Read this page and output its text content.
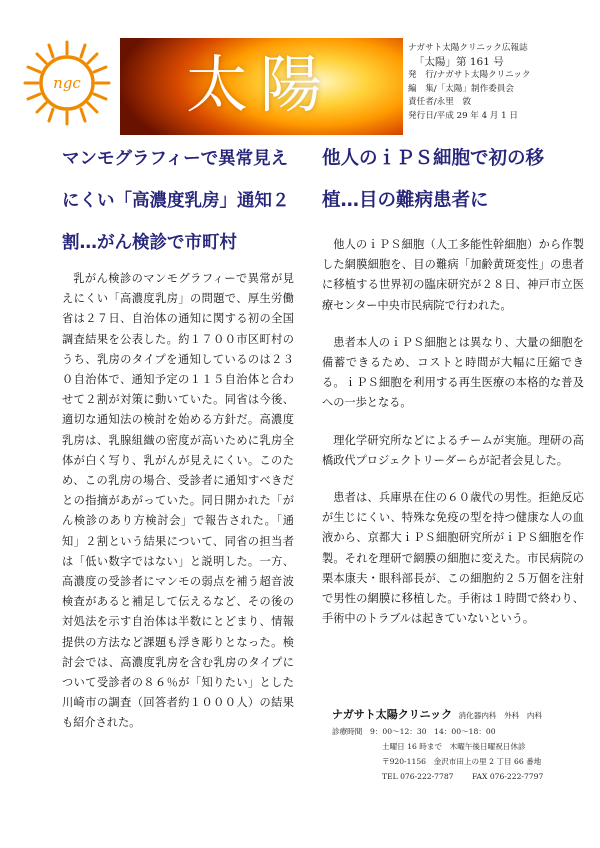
ngc 太陽	ナガサト太陽クリニック広報誌
「太陽」第 161 号
発　行/ナガサト太陽クリニック
編　集/「太陽」制作委員会
責任者/永里　敦
発行日/平成 29 年 4 月 1 日
マンモグラフィーで異常見え
にくい「高濃度乳房」通知２
割…がん検診で市町村

乳がん検診のマンモグラフィーで異常が見えにくい「高濃度乳房」の問題で、厚生労働省は２７日、自治体の通知に関する初の全国調査結果を公表した。約１７００市区町村のうち、乳房のタイプを通知しているのは２３０自治体で、通知予定の１１５自治体と合わせて２割が対策に動いていた。同省は今後、適切な通知法の検討を始める方針だ。高濃度乳房は、乳腺組織の密度が高いために乳房全体が白く写り、乳がんが見えにくい。このため、この乳房の場合、受診者に通知すべきだとの指摘があがっていた。同日開かれた「がん検診のあり方検討会」で報告された。「通知」２割という結果について、同省の担当者は「低い数字ではない」と説明した。一方、高濃度の受診者にマンモの弱点を補う超音波検査があると補足して伝えるなど、その後の対処法を示す自治体は半数にとどまり、情報提供の方法など課題も浮き彫りとなった。検討会では、高濃度乳房を含む乳房のタイプについて受診者の８６％が「知りたい」とした川崎市の調査（回答者約１０００人）の結果も紹介された。

他人のｉＰＳ細胞で初の移
植…目の難病患者に

他人のｉＰＳ細胞（人工多能性幹細胞）から作製した網膜細胞を、目の難病「加齢黄斑変性」の患者に移植する世界初の臨床研究が２８日、神戸市立医療センター中央市民病院で行われた。

患者本人のｉＰＳ細胞とは異なり、大量の細胞を備蓄できるため、コストと時間が大幅に圧縮できる。ｉＰＳ細胞を利用する再生医療の本格的な普及への一歩となる。

理化学研究所などによるチームが実施。理研の高橋政代プロジェクトリーダーらが記者会見した。

患者は、兵庫県在住の６０歳代の男性。拒絶反応が生じにくい、特殊な免疫の型を持つ健康な人の血液から、京都大ｉＰＳ細胞研究所がｉＰＳ細胞を作製。それを理研で網膜の細胞に変えた。市民病院の栗本康夫・眼科部長が、この細胞約２５万個を注射で男性の網膜に移植した。手術は１時間で終わり、手術中のトラブルは起きていないという。

ナガサト太陽クリニック 消化器内科　外科　内科
診療時間　9：00～12：30　14：00～18：00
土曜日 16 時まで　木曜午後日曜祝日休診
〒920-1156　金沢市田上の里 2 丁目 66 番地
TEL 076-222-7787 FAX 076-222-7797
